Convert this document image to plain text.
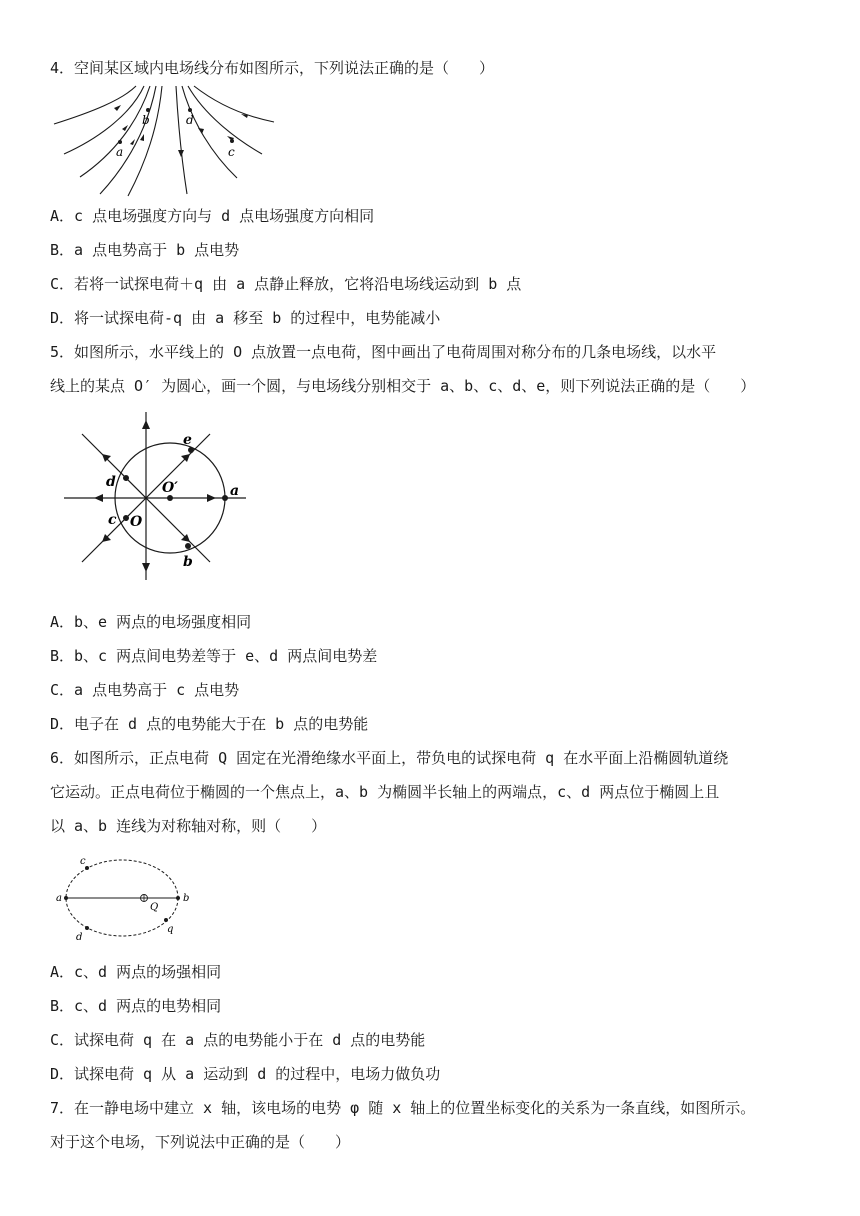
4．空间某区域内电场线分布如图所示，下列说法正确的是（　　）
a
b
c
d
A．c 点电场强度方向与 d 点电场强度方向相同
B．a 点电势高于 b 点电势
C．若将一试探电荷＋q 由 a 点静止释放，它将沿电场线运动到 b 点
D．将一试探电荷-q 由 a 移至 b 的过程中，电势能减小
5．如图所示，水平线上的 O 点放置一点电荷，图中画出了电荷周围对称分布的几条电场线，以水平
线上的某点 O′ 为圆心，画一个圆，与电场线分别相交于 a、b、c、d、e，则下列说法正确的是（　　）
a
b
c
d
e
O
O′
A．b、e 两点的电场强度相同
B．b、c 两点间电势差等于 e、d 两点间电势差
C．a 点电势高于 c 点电势
D．电子在 d 点的电势能大于在 b 点的电势能
6．如图所示，正点电荷 Q 固定在光滑绝缘水平面上，带负电的试探电荷 q 在水平面上沿椭圆轨道绕
它运动。正点电荷位于椭圆的一个焦点上，a、b 为椭圆半长轴上的两端点，c、d 两点位于椭圆上且
以 a、b 连线为对称轴对称，则（　　）
a	b
c
d
Q
q
A．c、d 两点的场强相同
B．c、d 两点的电势相同
C．试探电荷 q 在 a 点的电势能小于在 d 点的电势能
D．试探电荷 q 从 a 运动到 d 的过程中，电场力做负功
7．在一静电场中建立 x 轴，该电场的电势 φ 随 x 轴上的位置坐标变化的关系为一条直线，如图所示。
对于这个电场，下列说法中正确的是（　　）
